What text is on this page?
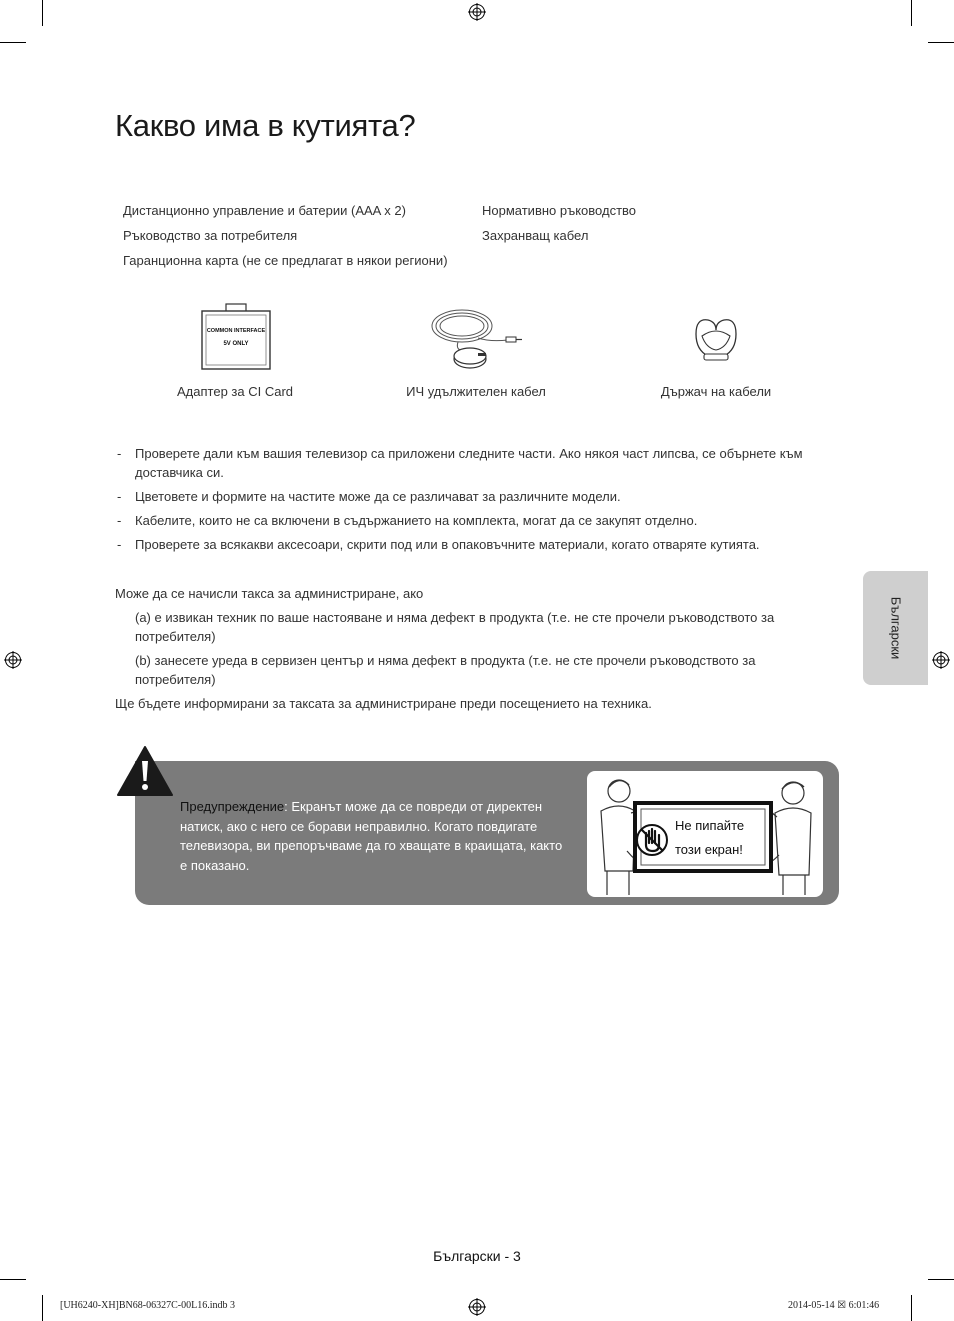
Какво има в кутията?
Дистанционно управление и батерии (AAA x 2)
Ръководство за потребителя
Гаранционна карта (не се предлагат в някои региони)
Нормативно ръководство
Захранващ кабел
COMMON INTERFACE
5V ONLY
Адаптер за CI Card	ИЧ удължителен кабел	Държач на кабели
- Проверете дали към вашия телевизор са приложени следните части. Ако някоя част липсва, се обърнете към доставчика си.
- Цветовете и формите на частите може да се различават за различните модели.
- Кабелите, които не са включени в съдържанието на комплекта, могат да се закупят отделно.
- Проверете за всякакви аксесоари, скрити под или в опаковъчните материали, когато отваряте кутията.
Може да се начисли такса за администриране, ако
(a) е извикан техник по ваше настояване и няма дефект в продукта (т.е. не сте прочели ръководството за потребителя)
(b) занесете уреда в сервизен център и няма дефект в продукта (т.е. не сте прочели ръководството за потребителя)
Ще бъдете информирани за таксата за администриране преди посещението на техника.
Български
Предупреждение: Екранът може да се повреди от директен натиск, ако с него се борави неправилно. Когато повдигате телевизора, ви препоръчваме да го хващате в краищата, както е показано.
Не пипайте
този екран!
Български - 3
[UH6240-XH]BN68-06327C-00L16.indb 3	2014-05-14 ☒ 6:01:46
